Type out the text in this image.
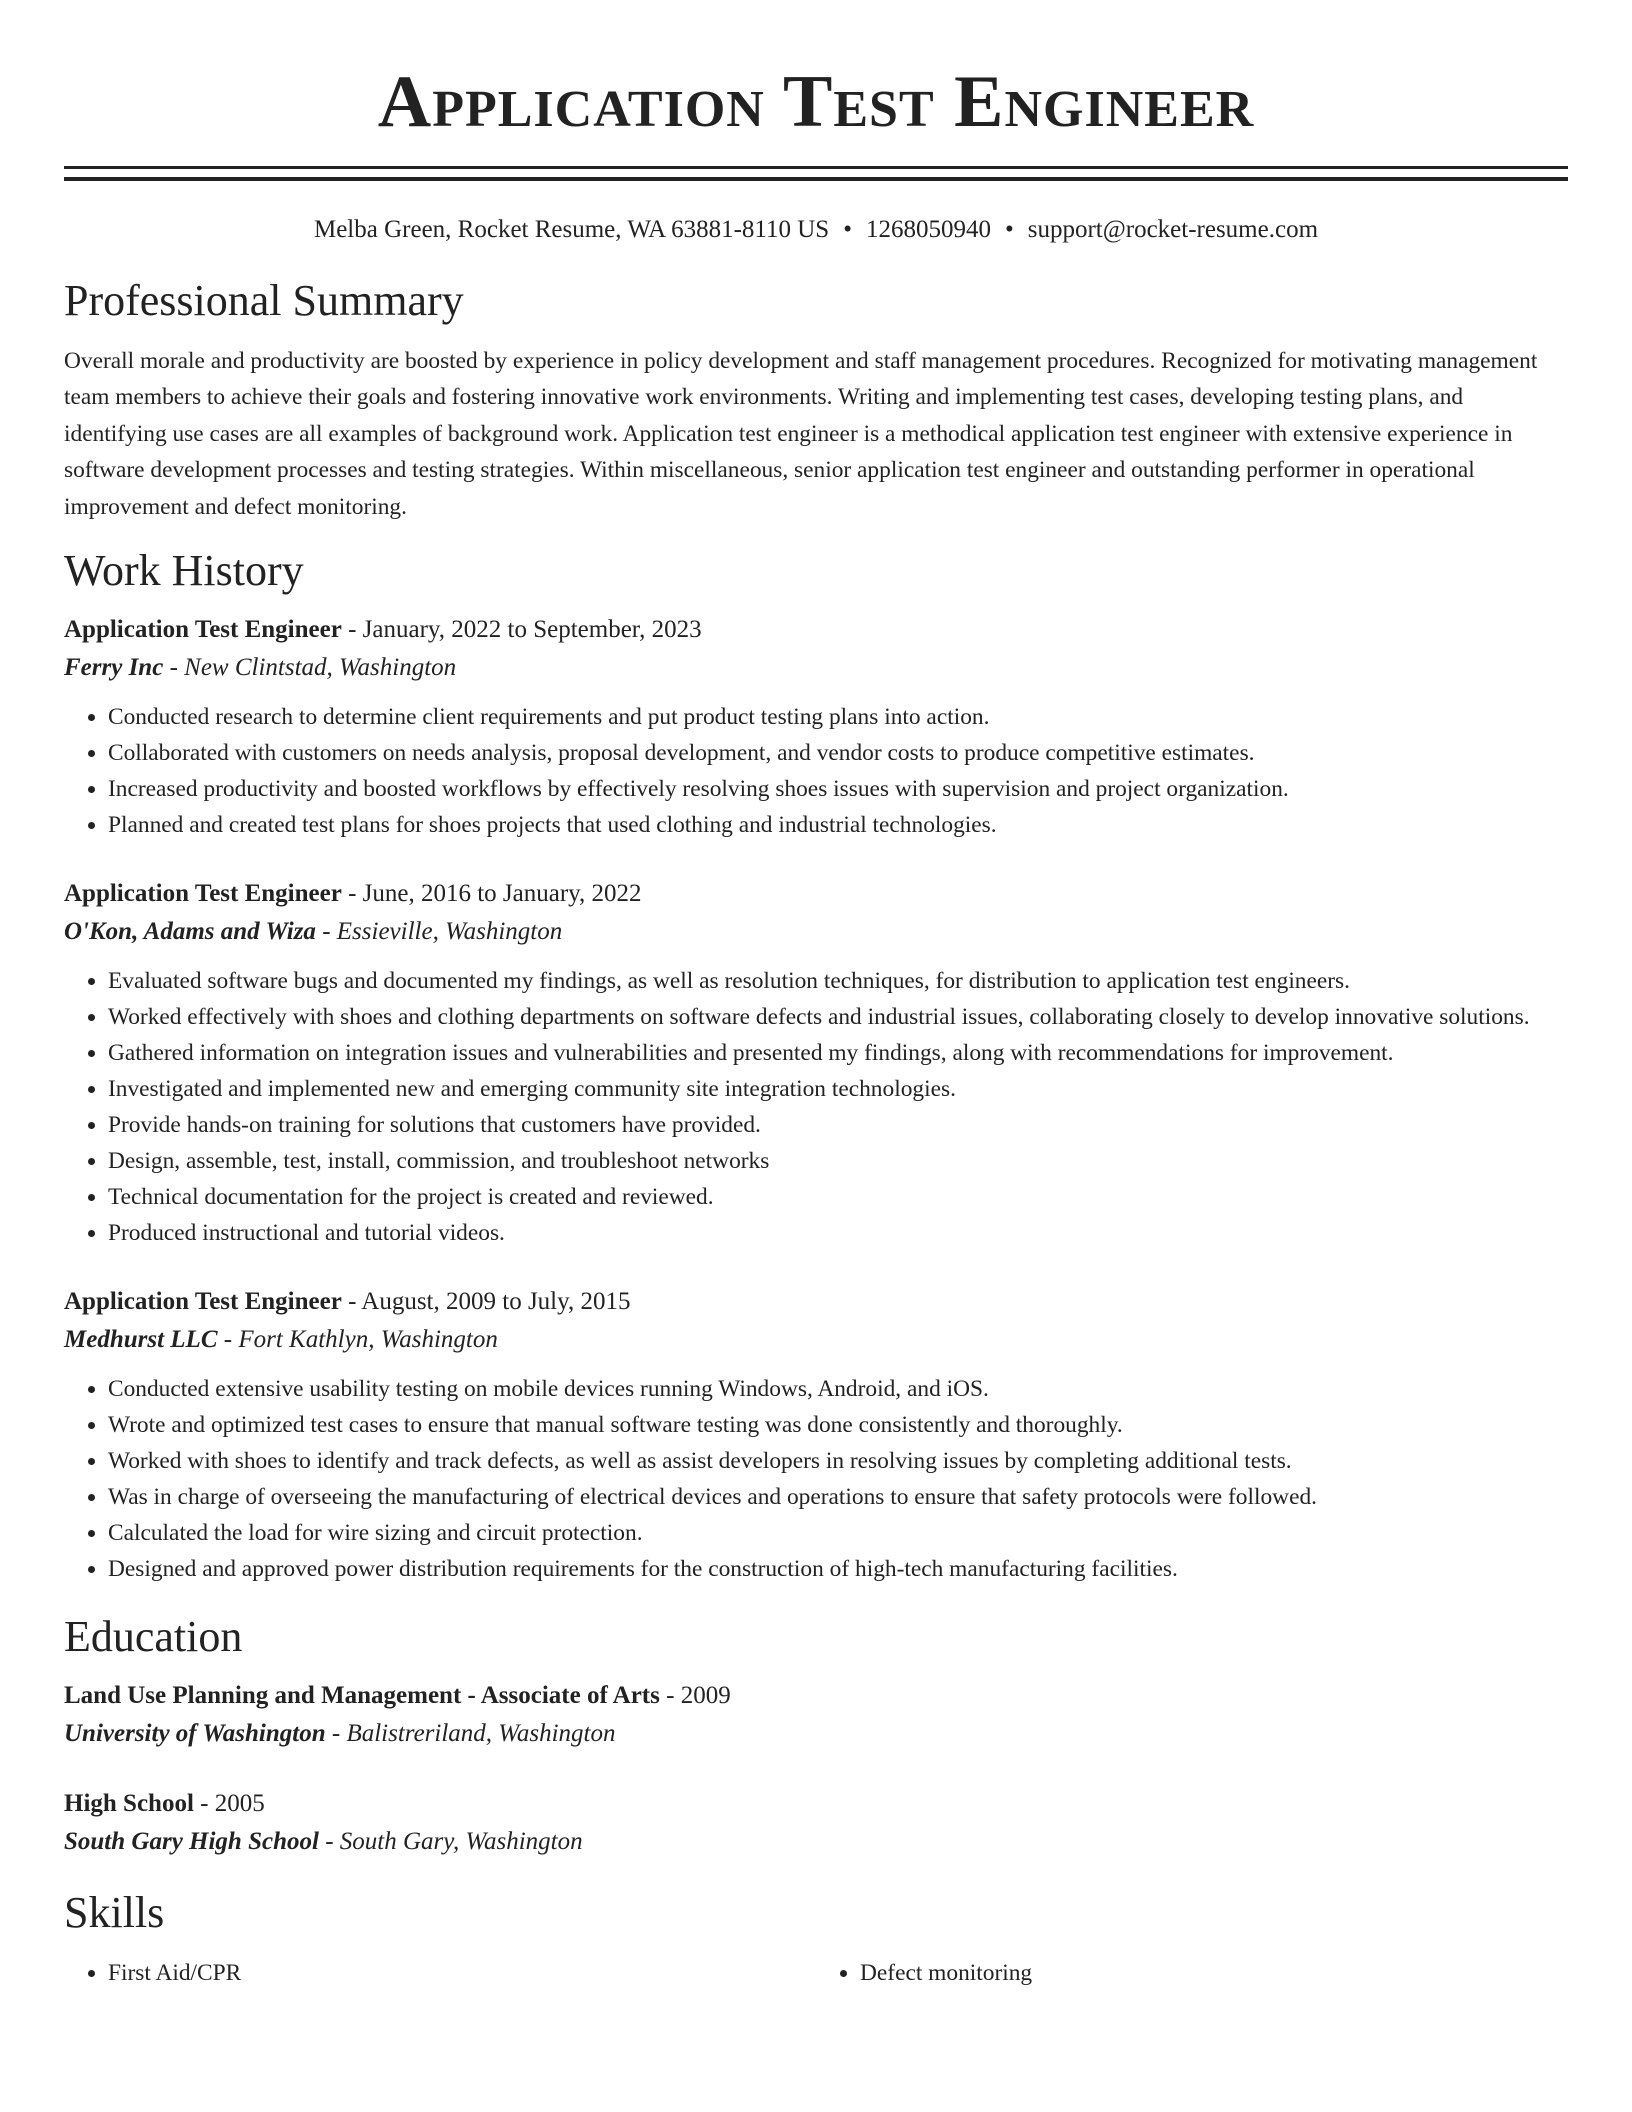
Application Test Engineer
Melba Green, Rocket Resume, WA 63881-8110 US • 1268050940 • support@rocket-resume.com
Professional Summary

Overall morale and productivity are boosted by experience in policy development and staff management procedures. Recognized for motivating management team members to achieve their goals and fostering innovative work environments. Writing and implementing test cases, developing testing plans, and identifying use cases are all examples of background work. Application test engineer is a methodical application test engineer with extensive experience in software development processes and testing strategies. Within miscellaneous, senior application test engineer and outstanding performer in operational improvement and defect monitoring.

Work History
Application Test Engineer - January, 2022 to September, 2023
Ferry Inc - New Clintstad, Washington
• Conducted research to determine client requirements and put product testing plans into action.
• Collaborated with customers on needs analysis, proposal development, and vendor costs to produce competitive estimates.
• Increased productivity and boosted workflows by effectively resolving shoes issues with supervision and project organization.
• Planned and created test plans for shoes projects that used clothing and industrial technologies.
Application Test Engineer - June, 2016 to January, 2022
O'Kon, Adams and Wiza - Essieville, Washington
• Evaluated software bugs and documented my findings, as well as resolution techniques, for distribution to application test engineers.
• Worked effectively with shoes and clothing departments on software defects and industrial issues, collaborating closely to develop innovative solutions.
• Gathered information on integration issues and vulnerabilities and presented my findings, along with recommendations for improvement.
• Investigated and implemented new and emerging community site integration technologies.
• Provide hands-on training for solutions that customers have provided.
• Design, assemble, test, install, commission, and troubleshoot networks
• Technical documentation for the project is created and reviewed.
• Produced instructional and tutorial videos.
Application Test Engineer - August, 2009 to July, 2015
Medhurst LLC - Fort Kathlyn, Washington
• Conducted extensive usability testing on mobile devices running Windows, Android, and iOS.
• Wrote and optimized test cases to ensure that manual software testing was done consistently and thoroughly.
• Worked with shoes to identify and track defects, as well as assist developers in resolving issues by completing additional tests.
• Was in charge of overseeing the manufacturing of electrical devices and operations to ensure that safety protocols were followed.
• Calculated the load for wire sizing and circuit protection.
• Designed and approved power distribution requirements for the construction of high-tech manufacturing facilities.
Education
Land Use Planning and Management - Associate of Arts - 2009
University of Washington - Balistreriland, Washington
High School - 2005
South Gary High School - South Gary, Washington
Skills
• First Aid/CPR
•	Defect monitoring
